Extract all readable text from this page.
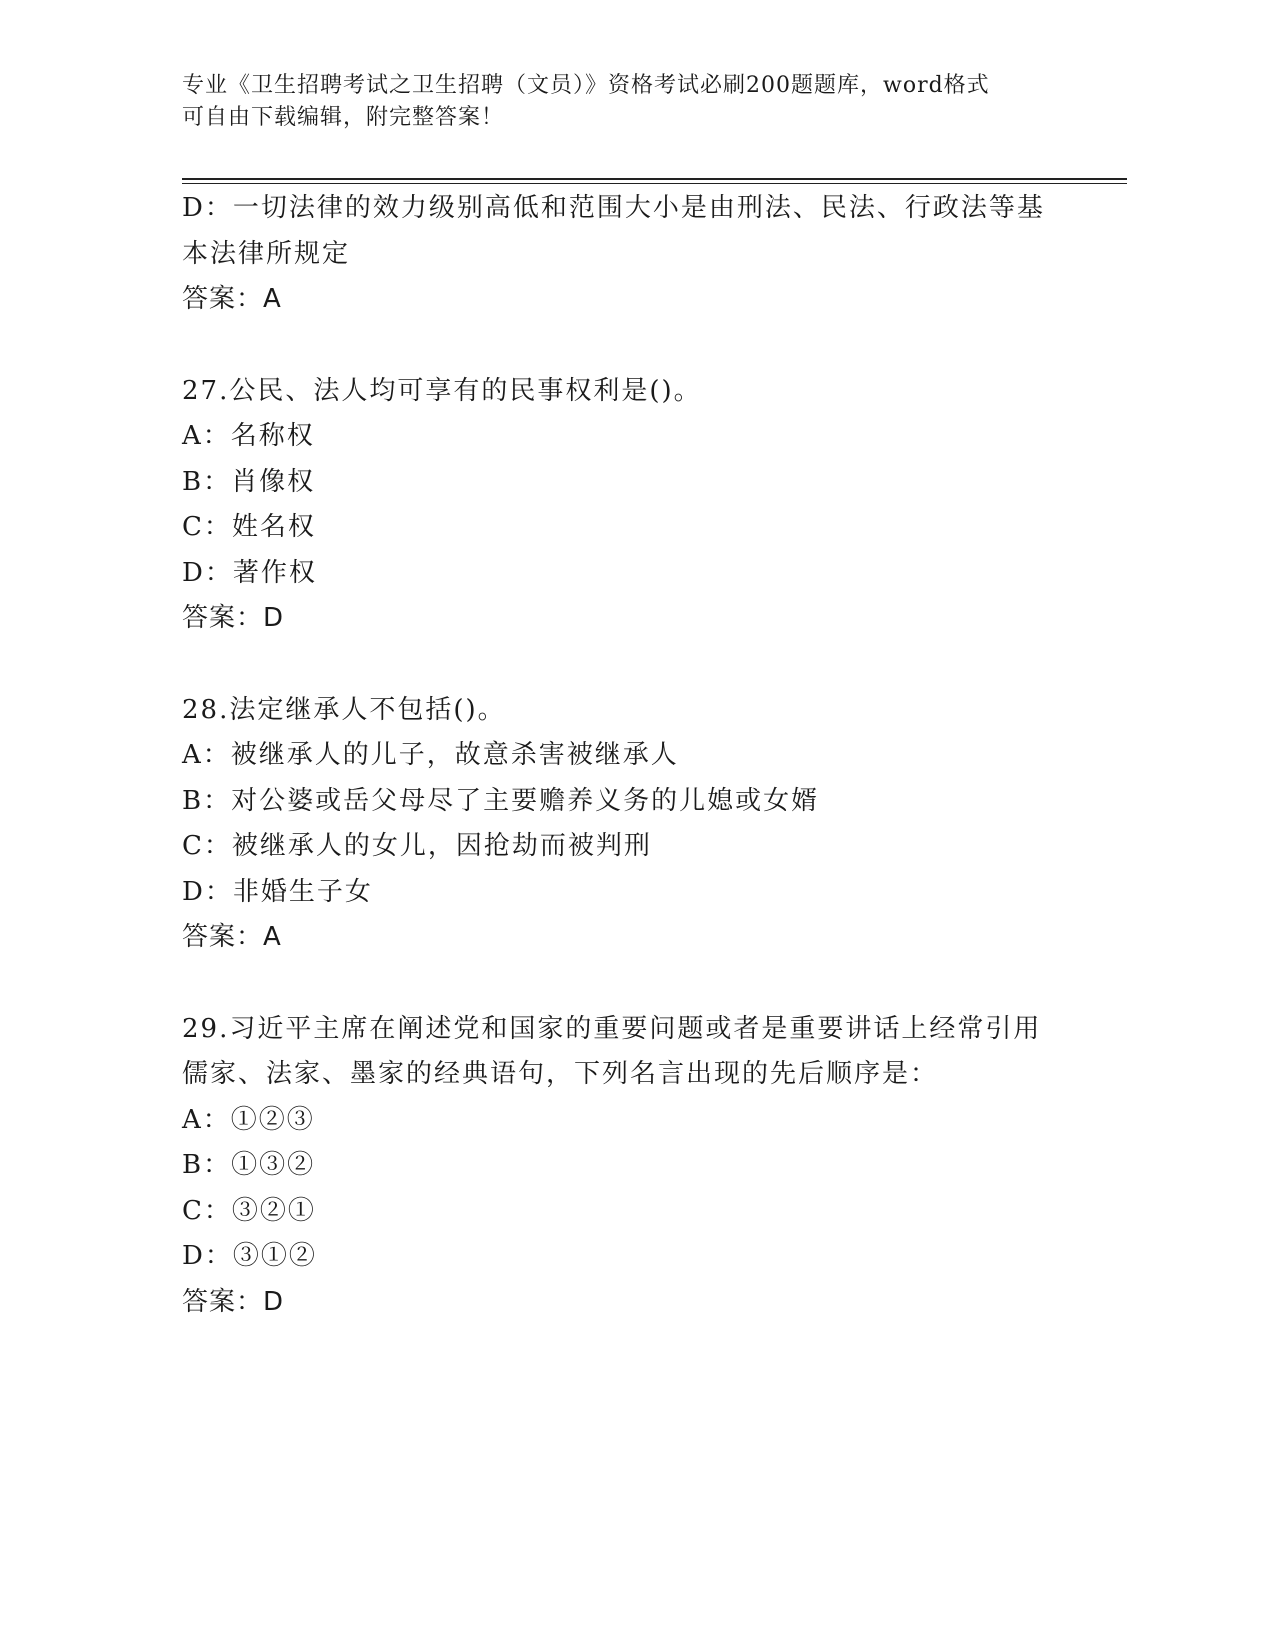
专业《卫生招聘考试之卫生招聘（文员）》资格考试必刷200题题库，word格式
可自由下载编辑，附完整答案！
D：一切法律的效力级别高低和范围大小是由刑法、民法、行政法等基
本法律所规定
答案：A
27.公民、法人均可享有的民事权利是()。
A：名称权
B：肖像权
C：姓名权
D：著作权
答案：D
28.法定继承人不包括()。
A：被继承人的儿子，故意杀害被继承人
B：对公婆或岳父母尽了主要赡养义务的儿媳或女婿
C：被继承人的女儿，因抢劫而被判刑
D：非婚生子女
答案：A
29.习近平主席在阐述党和国家的重要问题或者是重要讲话上经常引用
儒家、法家、墨家的经典语句，下列名言出现的先后顺序是：
A：①②③
B：①③②
C：③②①
D：③①②
答案：D
